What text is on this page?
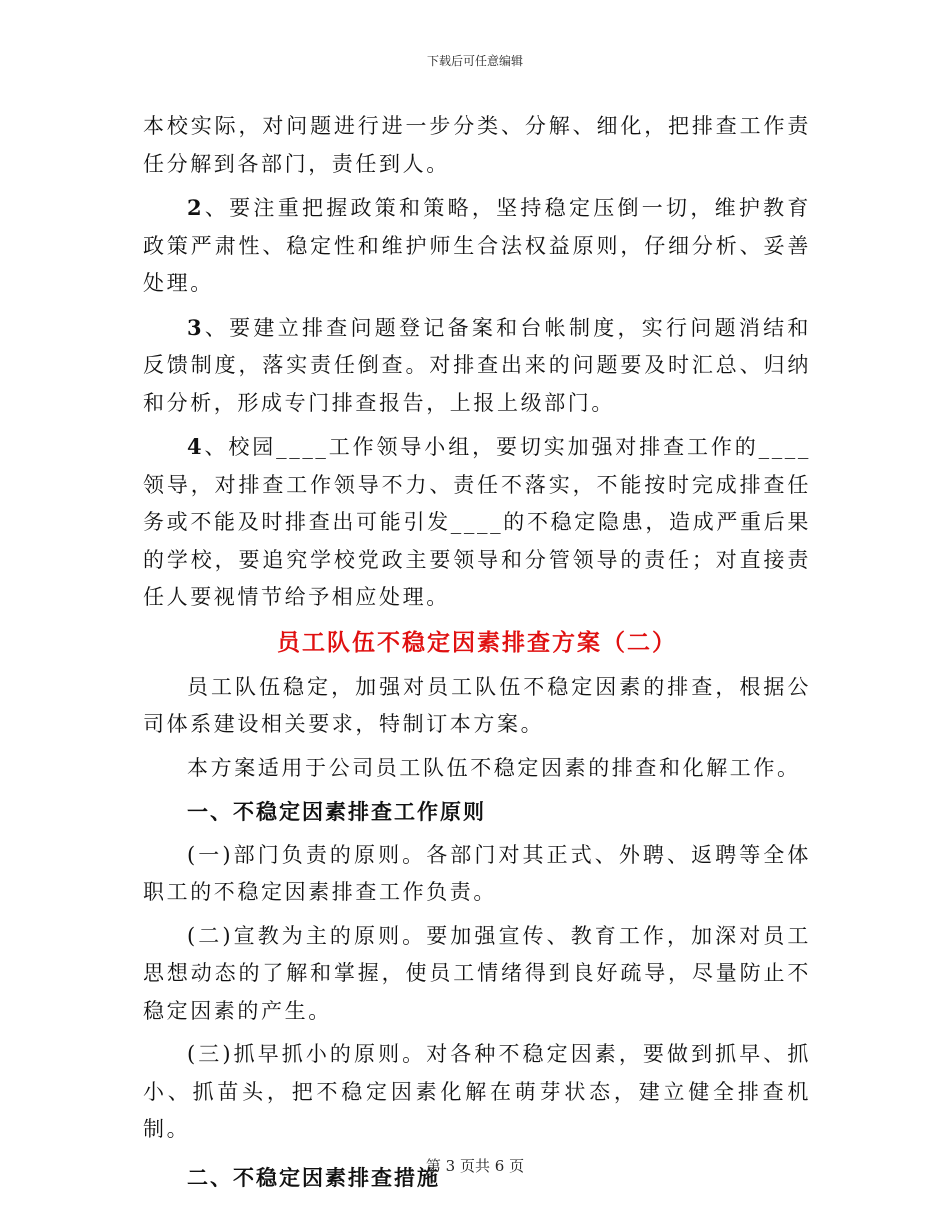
下载后可任意编辑

本校实际，对问题进行进一步分类、分解、细化，把排查工作责任分解到各部门，责任到人。

2、要注重把握政策和策略，坚持稳定压倒一切，维护教育政策严肃性、稳定性和维护师生合法权益原则，仔细分析、妥善处理。

3、要建立排查问题登记备案和台帐制度，实行问题消结和反馈制度，落实责任倒查。对排查出来的问题要及时汇总、归纳和分析，形成专门排查报告，上报上级部门。

4、校园____工作领导小组，要切实加强对排查工作的____领导，对排查工作领导不力、责任不落实，不能按时完成排查任务或不能及时排查出可能引发____的不稳定隐患，造成严重后果的学校，要追究学校党政主要领导和分管领导的责任；对直接责任人要视情节给予相应处理。

员工队伍不稳定因素排查方案（二）

员工队伍稳定，加强对员工队伍不稳定因素的排查，根据公司体系建设相关要求，特制订本方案。

本方案适用于公司员工队伍不稳定因素的排查和化解工作。

一、不稳定因素排查工作原则

(一)部门负责的原则。各部门对其正式、外聘、返聘等全体职工的不稳定因素排查工作负责。

(二)宣教为主的原则。要加强宣传、教育工作，加深对员工思想动态的了解和掌握，使员工情绪得到良好疏导，尽量防止不稳定因素的产生。

(三)抓早抓小的原则。对各种不稳定因素，要做到抓早、抓小、抓苗头，把不稳定因素化解在萌芽状态，建立健全排查机制。

二、不稳定因素排查措施

第 3 页共 6 页
